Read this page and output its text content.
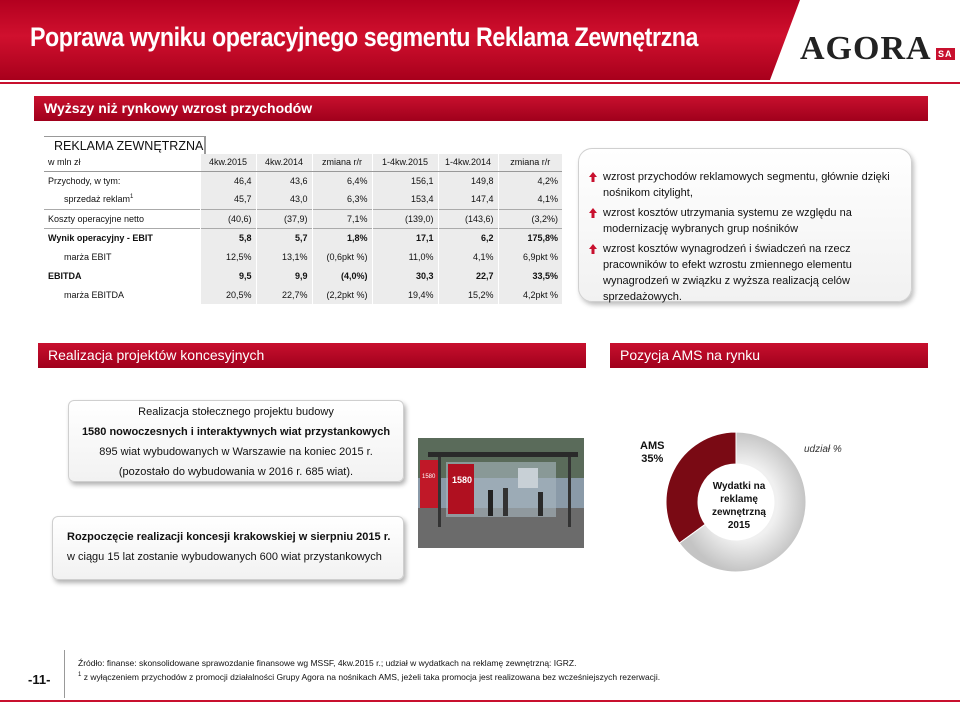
Poprawa wyniku operacyjnego segmentu Reklama Zewnętrzna	AGORA SA
Wyższy niż rynkowy wzrost przychodów
REKLAMA ZEWNĘTRZNA
w mln zł	4kw.2015	4kw.2014	zmiana r/r	1-4kw.2015	1-4kw.2014	zmiana r/r
Przychody, w tym:	46,4	43,6	6,4%	156,1	149,8	4,2%
sprzedaż reklam$^1$	45,7	43,0	6,3%	153,4	147,4	4,1%
Koszty operacyjne netto	(40,6)	(37,9)	7,1%	(139,0)	(143,6)	(3,2%)
Wynik operacyjny - EBIT	5,8	5,7	1,8%	17,1	6,2	175,8%
marża EBIT	12,5%	13,1%	(0,6pkt %)	11,0%	4,1%	6,9pkt %
EBITDA	9,5	9,9	(4,0%)	30,3	22,7	33,5%
marża EBITDA	20,5%	22,7%	(2,2pkt %)	19,4%	15,2%	4,2pkt %
wzrost przychodów reklamowych segmentu, głównie dzięki nośnikom citylight,
wzrost kosztów utrzymania systemu ze względu na modernizację wybranych grup nośników
wzrost kosztów wynagrodzeń i świadczeń na rzecz pracowników to efekt wzrostu zmiennego elementu wynagrodzeń w związku z wyższa realizacją celów sprzedażowych.
Realizacja projektów koncesyjnych	Pozycja AMS na rynku
Realizacja stołecznego projektu budowy
1580 nowoczesnych i interaktywnych wiat przystankowych
895 wiat wybudowanych w Warszawie na koniec 2015 r.
(pozostało do wybudowania w 2016 r. 685 wiat).
1580
1580
Rozpoczęcie realizacji koncesji krakowskiej w sierpniu 2015 r.
w ciągu 15 lat zostanie wybudowanych 600 wiat przystankowych
AMS
35%
Wydatki na reklamę zewnętrzną 2015
udział %
-11-
Źródło: finanse: skonsolidowane sprawozdanie finansowe wg MSSF, 4kw.2015 r.; udział w wydatkach na reklamę zewnętrzną: IGRZ.
$^1$ z wyłączeniem przychodów z promocji działalności Grupy Agora na nośnikach AMS, jeżeli taka promocja jest realizowana bez wcześniejszych rezerwacji.
